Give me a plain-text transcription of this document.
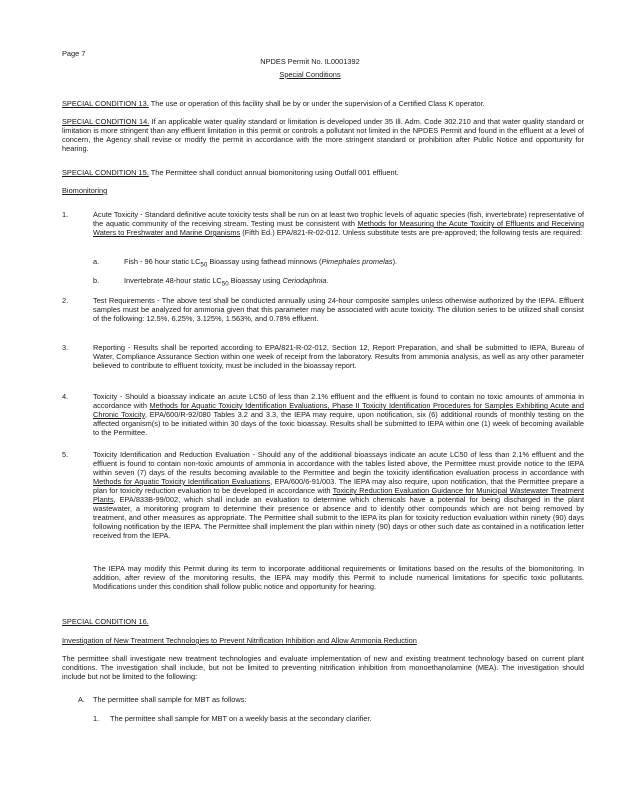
Page 7
NPDES Permit No. IL0001392
Special Conditions
SPECIAL CONDITION 13. The use or operation of this facility shall be by or under the supervision of a Certified Class K operator.
SPECIAL CONDITION 14. If an applicable water quality standard or limitation is developed under 35 Ill. Adm. Code 302.210 and that water quality standard or limitation is more stringent than any effluent limitation in this permit or controls a pollutant not limited in the NPDES Permit and found in the effluent at a level of concern, the Agency shall revise or modify the permit in accordance with the more stringent standard or prohibition after Public Notice and opportunity for hearing.
SPECIAL CONDITION 15. The Permittee shall conduct annual biomonitoring using Outfall 001 effluent.
Biomonitoring
1.	Acute Toxicity - Standard definitive acute toxicity tests shall be run on at least two trophic levels of aquatic species (fish, invertebrate) representative of the aquatic community of the receiving stream. Testing must be consistent with Methods for Measuring the Acute Toxicity of Effluents and Receiving Waters to Freshwater and Marine Organisms (Fifth Ed.) EPA/821-R-02-012. Unless substitute tests are pre-approved; the following tests are required:
a.	Fish - 96 hour static $LC_{50}$ Bioassay using fathead minnows (Pimephales promelas).
b.	Invertebrate 48-hour static $LC_{50}$ Bioassay using Ceriodaphnia.
2.	Test Requirements - The above test shall be conducted annually using 24-hour composite samples unless otherwise authorized by the IEPA. Effluent samples must be analyzed for ammonia given that this parameter may be associated with acute toxicity. The dilution series to be utilized shall consist of the following: 12.5%, 6.25%, 3.125%, 1.563%, and 0.78% effluent.
3.	Reporting - Results shall be reported according to EPA/821-R-02-012, Section 12, Report Preparation, and shall be submitted to IEPA, Bureau of Water, Compliance Assurance Section within one week of receipt from the laboratory. Results from ammonia analysis, as well as any other parameter believed to contribute to effluent toxicity, must be included in the bioassay report.
4.	Toxicity - Should a bioassay indicate an acute LC50 of less than 2.1% effluent and the effluent is found to contain no toxic amounts of ammonia in accordance with Methods for Aquatic Toxicity Identification Evaluations, Phase II Toxicity Identification Procedures for Samples Exhibiting Acute and Chronic Toxicity, EPA/600/R-92/080 Tables 3.2 and 3.3, the IEPA may require, upon notification, six (6) additional rounds of monthly testing on the affected organism(s) to be initiated within 30 days of the toxic bioassay. Results shall be submitted to IEPA within one (1) week of becoming available to the Permittee.
5.	Toxicity Identification and Reduction Evaluation - Should any of the additional bioassays indicate an acute LC50 of less than 2.1% effluent and the effluent is found to contain non-toxic amounts of ammonia in accordance with the tables listed above, the Permittee must provide notice to the IEPA within seven (7) days of the results becoming available to the Permittee and begin the toxicity identification evaluation process in accordance with Methods for Aquatic Toxicity Identification Evaluations, EPA/600/6-91/003. The IEPA may also require, upon notification, that the Permittee prepare a plan for toxicity reduction evaluation to be developed in accordance with Toxicity Reduction Evaluation Guidance for Municipal Wastewater Treatment Plants, EPA/833B-99/002, which shall include an evaluation to determine which chemicals have a potential for being discharged in the plant wastewater, a monitoring program to determine their presence or absence and to identify other compounds which are not being removed by treatment, and other measures as appropriate. The Permittee shall submit to the IEPA its plan for toxicity reduction evaluation within ninety (90) days following notification by the IEPA. The Permittee shall implement the plan within ninety (90) days or other such date as contained in a notification letter received from the IEPA.
The IEPA may modify this Permit during its term to incorporate additional requirements or limitations based on the results of the biomonitoring. In addition, after review of the monitoring results, the IEPA may modify this Permit to include numerical limitations for specific toxic pollutants. Modifications under this condition shall follow public notice and opportunity for hearing.
SPECIAL CONDITION 16.
Investigation of New Treatment Technologies to Prevent Nitrification Inhibition and Allow Ammonia Reduction
The permittee shall investigate new treatment technologies and evaluate implementation of new and existing treatment technology based on current plant conditions. The investigation shall include, but not be limited to preventing nitrification inhibition from monoethanolamine (MEA). The investigation should include but not be limited to the following:
A. The permittee shall sample for MBT as follows:
1. The permittee shall sample for MBT on a weekly basis at the secondary clarifier.
